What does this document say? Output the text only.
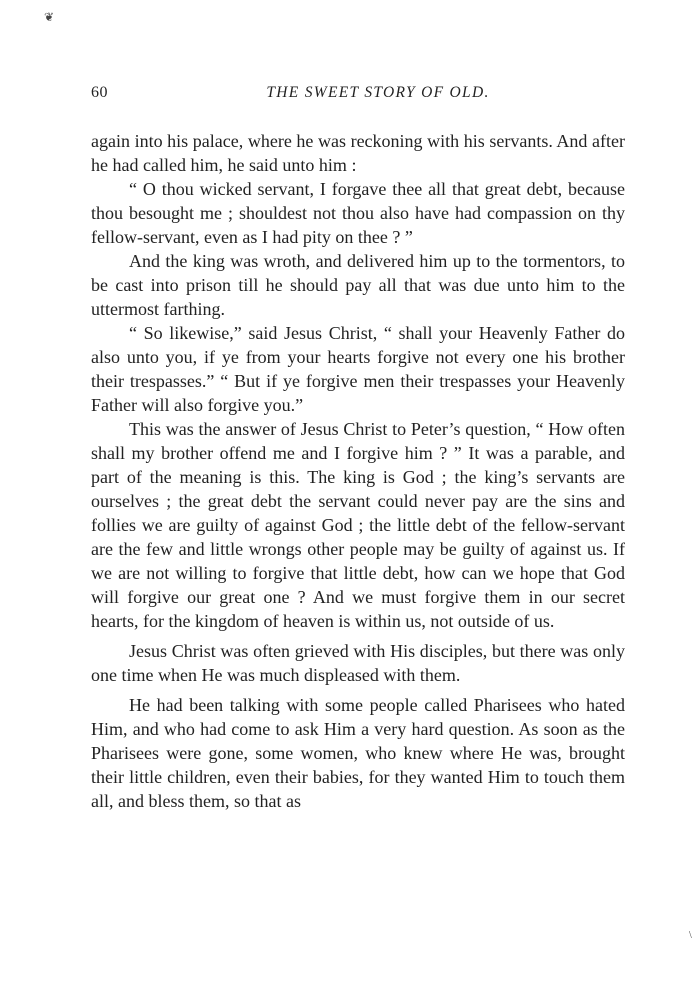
❦
\
60	THE SWEET STORY OF OLD.

again into his palace, where he was reckoning with his servants. And after he had called him, he said unto him :

“ O thou wicked servant, I forgave thee all that great debt, because thou besought me ; shouldest not thou also have had compassion on thy fellow-servant, even as I had pity on thee ? ”

And the king was wroth, and delivered him up to the tormentors, to be cast into prison till he should pay all that was due unto him to the uttermost farthing.

“ So likewise,” said Jesus Christ, “ shall your Heavenly Father do also unto you, if ye from your hearts forgive not every one his brother their trespasses.” “ But if ye forgive men their trespasses your Heavenly Father will also forgive you.”

This was the answer of Jesus Christ to Peter’s question, “ How often shall my brother offend me and I forgive him ? ” It was a parable, and part of the meaning is this. The king is God ; the king’s servants are ourselves ; the great debt the servant could never pay are the sins and follies we are guilty of against God ; the little debt of the fellow-servant are the few and little wrongs other people may be guilty of against us. If we are not willing to forgive that little debt, how can we hope that God will forgive our great one ? And we must forgive them in our secret hearts, for the kingdom of heaven is within us, not outside of us.

Jesus Christ was often grieved with His disciples, but there was only one time when He was much displeased with them.

He had been talking with some people called Pharisees who hated Him, and who had come to ask Him a very hard question. As soon as the Pharisees were gone, some women, who knew where He was, brought their little children, even their babies, for they wanted Him to touch them all, and bless them, so that as
